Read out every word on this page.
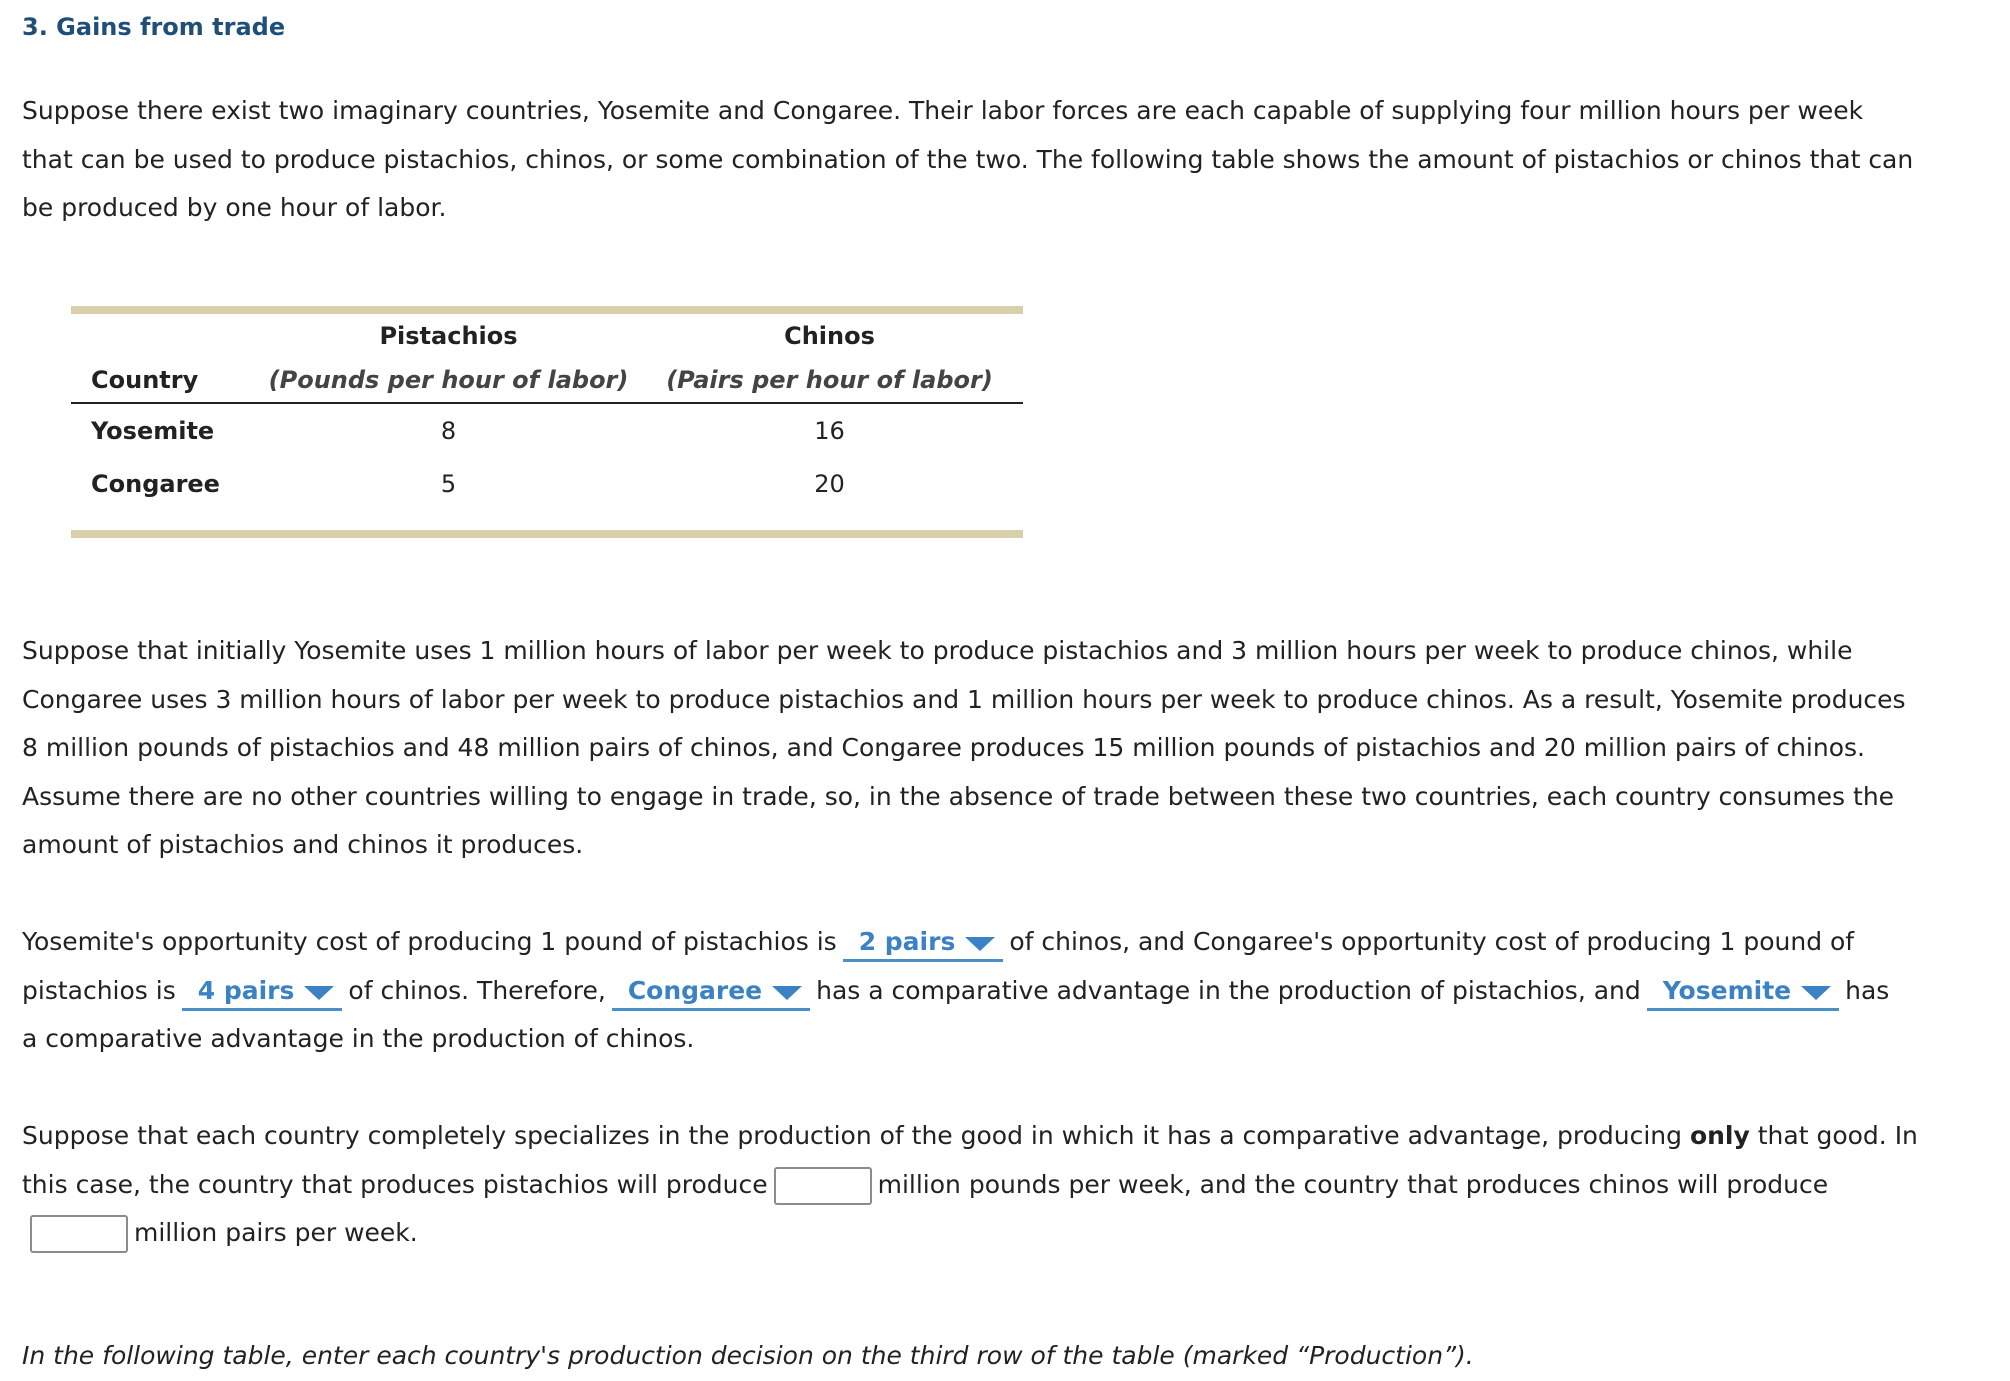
3. Gains from trade
Suppose there exist two imaginary countries, Yosemite and Congaree. Their labor forces are each capable of supplying four million hours per week
that can be used to produce pistachios, chinos, or some combination of the two. The following table shows the amount of pistachios or chinos that can
be produced by one hour of labor.
	Pistachios	Chinos
Country	(Pounds per hour of labor)	(Pairs per hour of labor)
Yosemite	8	16
Congaree	5	20
Suppose that initially Yosemite uses 1 million hours of labor per week to produce pistachios and 3 million hours per week to produce chinos, while
Congaree uses 3 million hours of labor per week to produce pistachios and 1 million hours per week to produce chinos. As a result, Yosemite produces
8 million pounds of pistachios and 48 million pairs of chinos, and Congaree produces 15 million pounds of pistachios and 20 million pairs of chinos.
Assume there are no other countries willing to engage in trade, so, in the absence of trade between these two countries, each country consumes the
amount of pistachios and chinos it produces.
Yosemite's opportunity cost of producing 1 pound of pistachios is 2 pairs of chinos, and Congaree's opportunity cost of producing 1 pound of
pistachios is 4 pairs of chinos. Therefore, Congaree has a comparative advantage in the production of pistachios, and Yosemite has
a comparative advantage in the production of chinos.
Suppose that each country completely specializes in the production of the good in which it has a comparative advantage, producing only that good. In
this case, the country that produces pistachios will produce	million pounds per week, and the country that produces chinos will produce
million pairs per week.
In the following table, enter each country's production decision on the third row of the table (marked “Production”).
